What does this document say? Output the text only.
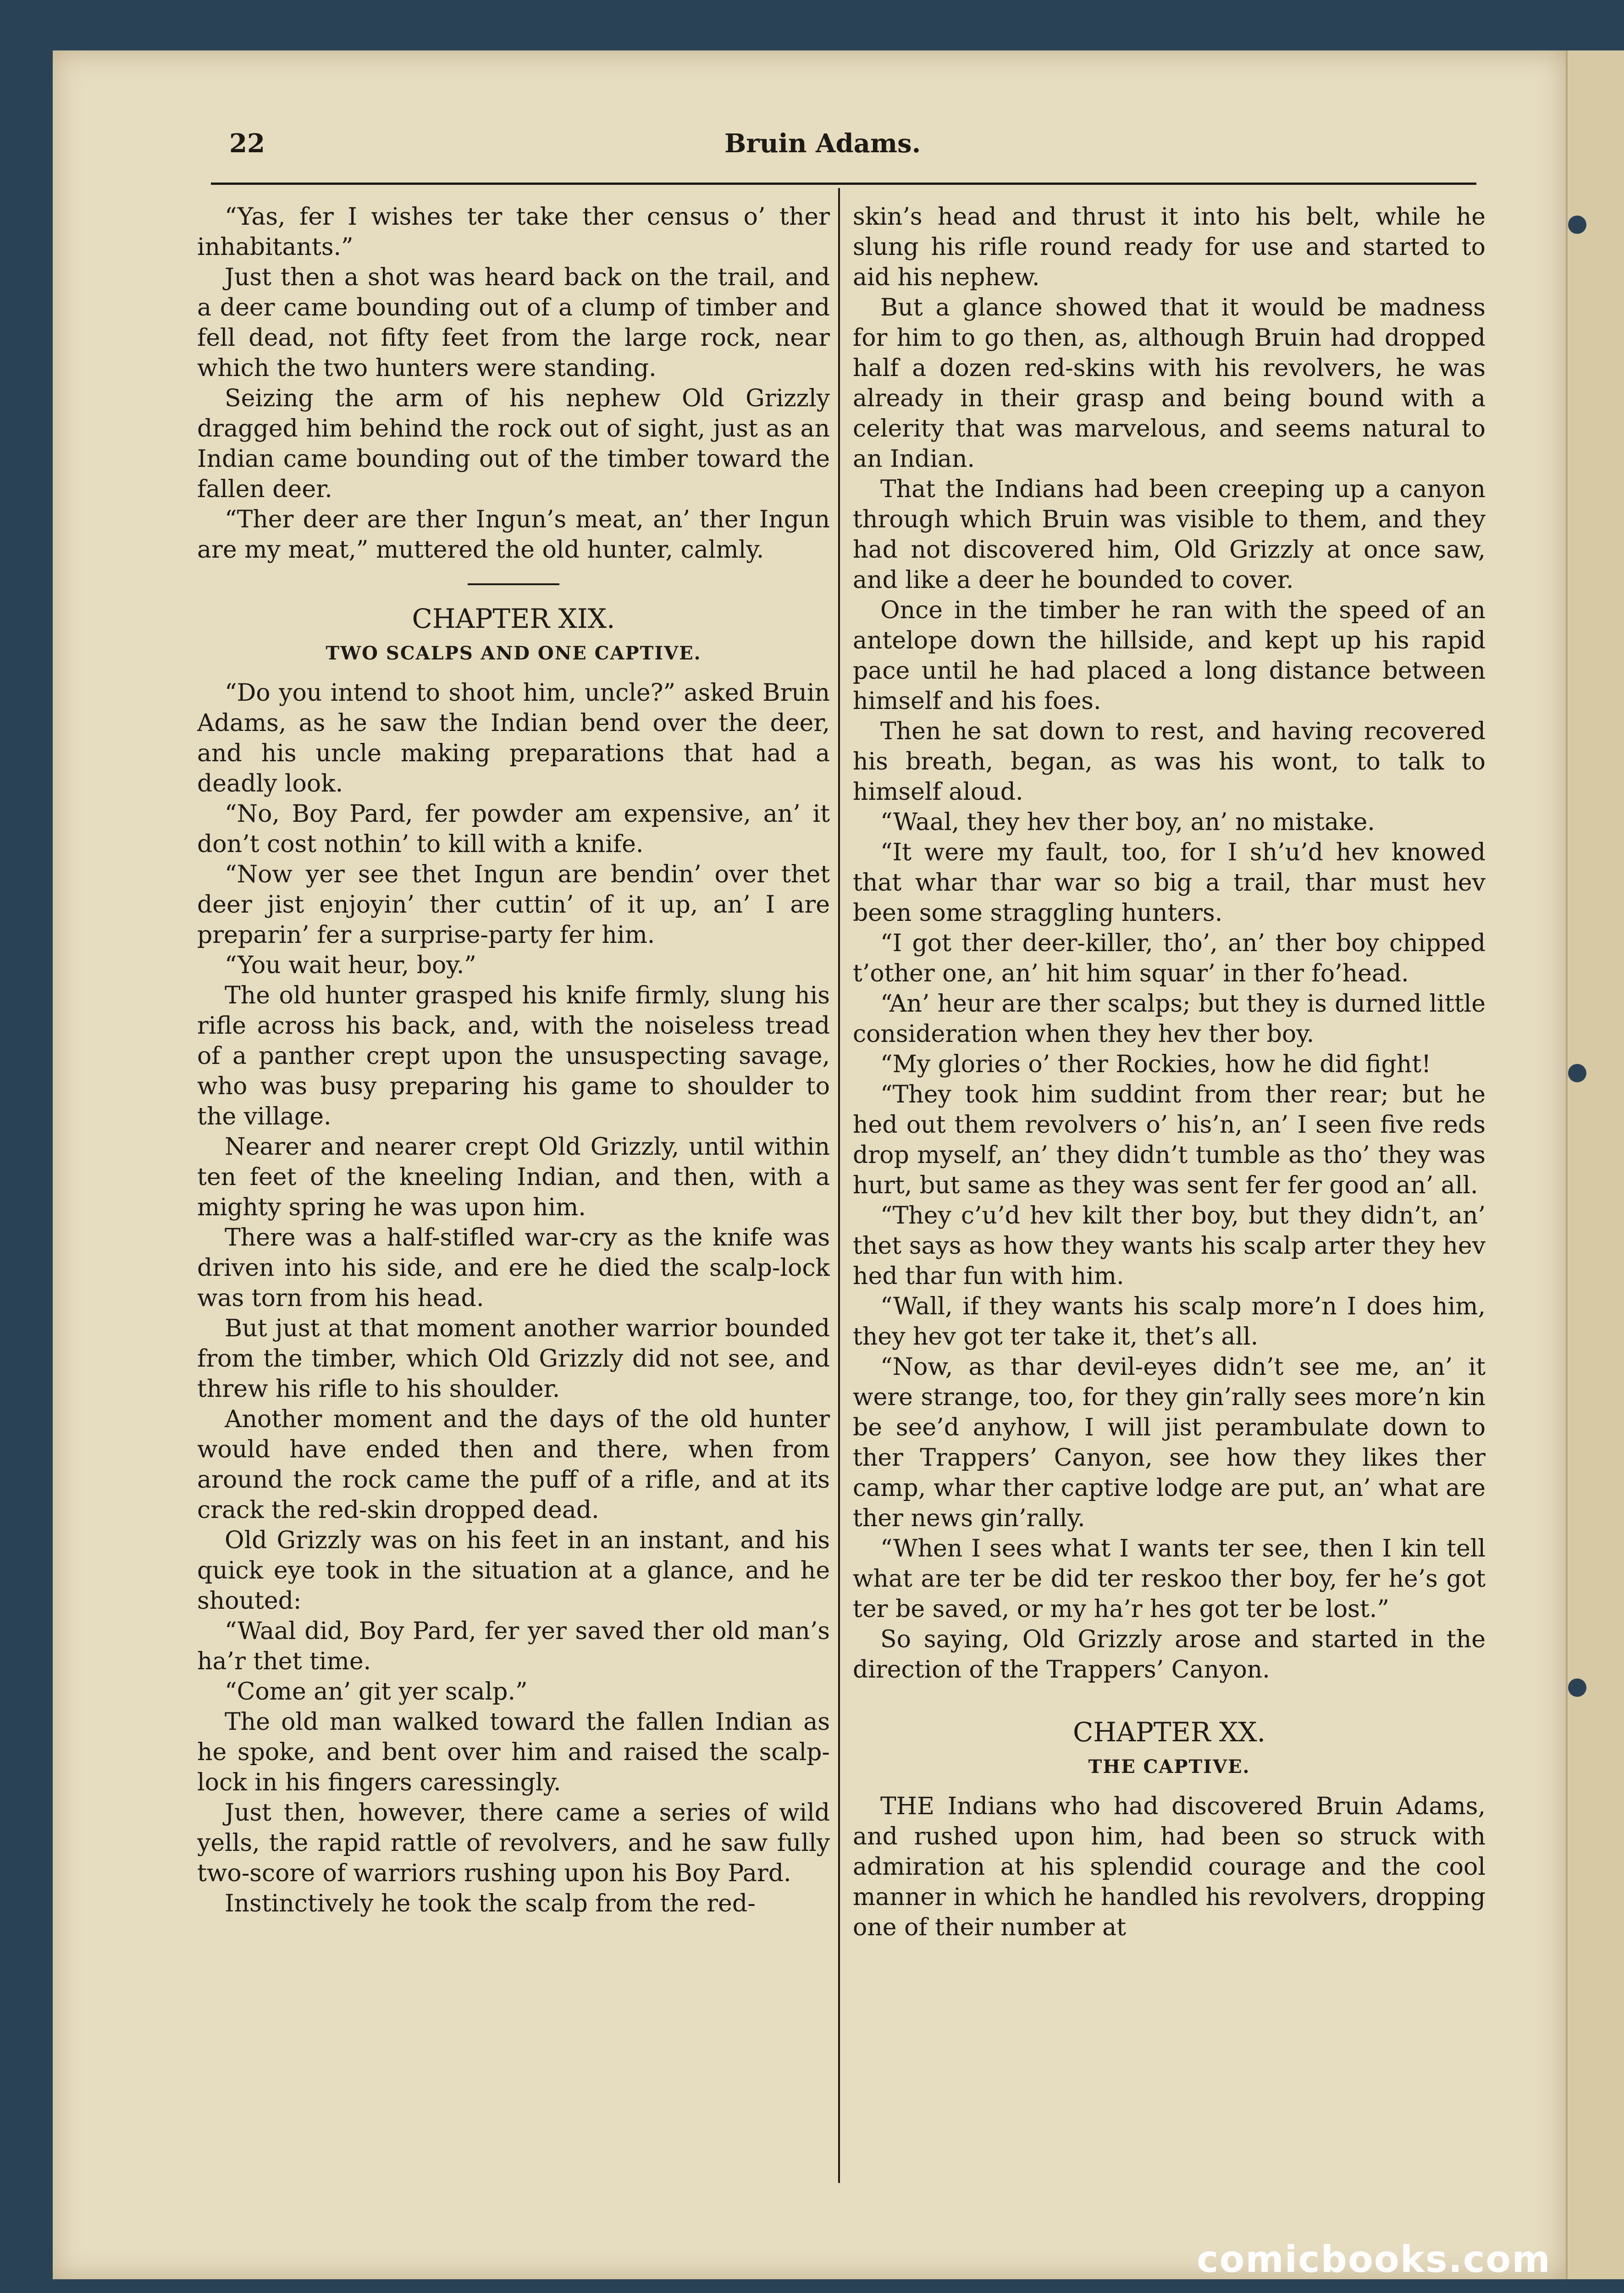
22	Bruin Adams.

“Yas, fer I wishes ter take ther census o’ ther inhabitants.”

Just then a shot was heard back on the trail, and a deer came bounding out of a clump of timber and fell dead, not fifty feet from the large rock, near which the two hunters were standing.

Seizing the arm of his nephew Old Grizzly dragged him behind the rock out of sight, just as an Indian came bounding out of the timber toward the fallen deer.

“Ther deer are ther Ingun’s meat, an’ ther Ingun are my meat,” muttered the old hunter, calmly.

CHAPTER XIX.

TWO SCALPS AND ONE CAPTIVE.

“Do you intend to shoot him, uncle?” asked Bruin Adams, as he saw the Indian bend over the deer, and his uncle making preparations that had a deadly look.

“No, Boy Pard, fer powder am expensive, an’ it don’t cost nothin’ to kill with a knife.

“Now yer see thet Ingun are bendin’ over thet deer jist enjoyin’ ther cuttin’ of it up, an’ I are preparin’ fer a surprise-party fer him.

“You wait heur, boy.”

The old hunter grasped his knife firmly, slung his rifle across his back, and, with the noiseless tread of a panther crept upon the unsuspecting savage, who was busy preparing his game to shoulder to the village.

Nearer and nearer crept Old Grizzly, until within ten feet of the kneeling Indian, and then, with a mighty spring he was upon him.

There was a half-stifled war-cry as the knife was driven into his side, and ere he died the scalp-lock was torn from his head.

But just at that moment another warrior bounded from the timber, which Old Grizzly did not see, and threw his rifle to his shoulder.

Another moment and the days of the old hunter would have ended then and there, when from around the rock came the puff of a rifle, and at its crack the red-skin dropped dead.

Old Grizzly was on his feet in an instant, and his quick eye took in the situation at a glance, and he shouted:

“Waal did, Boy Pard, fer yer saved ther old man’s ha’r thet time.

“Come an’ git yer scalp.”

The old man walked toward the fallen Indian as he spoke, and bent over him and raised the scalp-lock in his fingers caressingly.

Just then, however, there came a series of wild yells, the rapid rattle of revolvers, and he saw fully two-score of warriors rushing upon his Boy Pard.

Instinctively he took the scalp from the red-

skin’s head and thrust it into his belt, while he slung his rifle round ready for use and started to aid his nephew.

But a glance showed that it would be madness for him to go then, as, although Bruin had dropped half a dozen red-skins with his revolvers, he was already in their grasp and being bound with a celerity that was marvelous, and seems natural to an Indian.

That the Indians had been creeping up a canyon through which Bruin was visible to them, and they had not discovered him, Old Grizzly at once saw, and like a deer he bounded to cover.

Once in the timber he ran with the speed of an antelope down the hillside, and kept up his rapid pace until he had placed a long distance between himself and his foes.

Then he sat down to rest, and having recovered his breath, began, as was his wont, to talk to himself aloud.

“Waal, they hev ther boy, an’ no mistake.

“It were my fault, too, for I sh’u’d hev knowed that whar thar war so big a trail, thar must hev been some straggling hunters.

“I got ther deer-killer, tho’, an’ ther boy chipped t’other one, an’ hit him squar’ in ther fo’head.

“An’ heur are ther scalps; but they is durned little consideration when they hev ther boy.

“My glories o’ ther Rockies, how he did fight!

“They took him suddint from ther rear; but he hed out them revolvers o’ his’n, an’ I seen five reds drop myself, an’ they didn’t tumble as tho’ they was hurt, but same as they was sent fer fer good an’ all.

“They c’u’d hev kilt ther boy, but they didn’t, an’ thet says as how they wants his scalp arter they hev hed thar fun with him.

“Wall, if they wants his scalp more’n I does him, they hev got ter take it, thet’s all.

“Now, as thar devil-eyes didn’t see me, an’ it were strange, too, for they gin’rally sees more’n kin be see’d anyhow, I will jist perambulate down to ther Trappers’ Canyon, see how they likes ther camp, whar ther captive lodge are put, an’ what are ther news gin’rally.

“When I sees what I wants ter see, then I kin tell what are ter be did ter reskoo ther boy, fer he’s got ter be saved, or my ha’r hes got ter be lost.”

So saying, Old Grizzly arose and started in the direction of the Trappers’ Canyon.

CHAPTER XX.

THE CAPTIVE.

THE Indians who had discovered Bruin Adams, and rushed upon him, had been so struck with admiration at his splendid courage and the cool manner in which he handled his revolvers, dropping one of their number at

comicbooks.com
